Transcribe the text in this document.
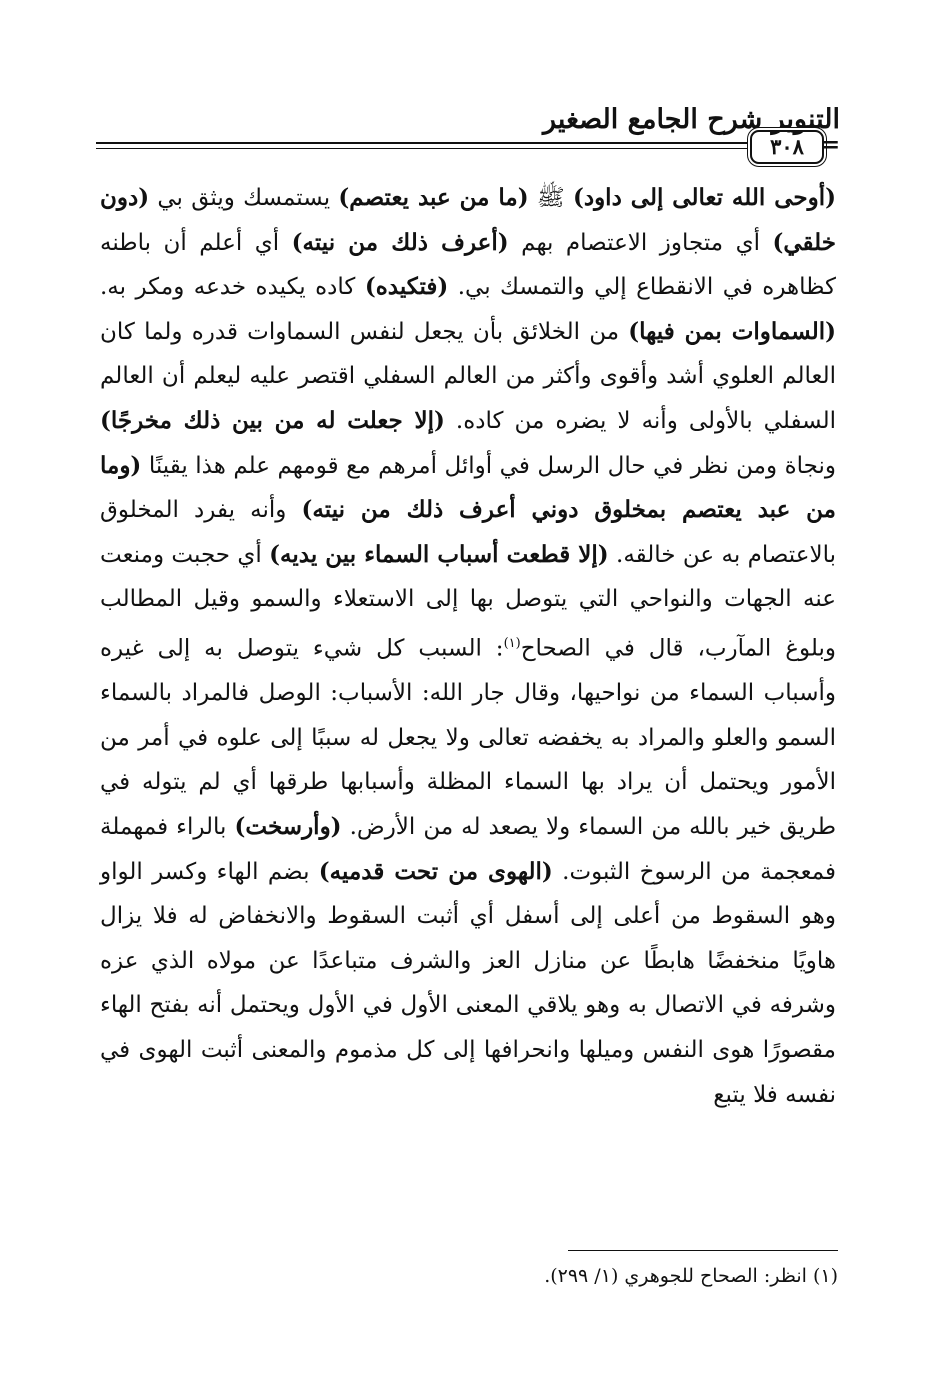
التنوير شرح الجامع الصغير
٣٠٨ =
(أوحى الله تعالى إلى داود) ﷺ (ما من عبد يعتصم) يستمسك ويثق بي (دون خلقي) أي متجاوز الاعتصام بهم (أعرف ذلك من نيته) أي أعلم أن باطنه كظاهره في الانقطاع إلي والتمسك بي. (فتكيده) كاده يكيده خدعه ومكر به. (السماوات بمن فيها) من الخلائق بأن يجعل لنفس السماوات قدره ولما كان العالم العلوي أشد وأقوى وأكثر من العالم السفلي اقتصر عليه ليعلم أن العالم السفلي بالأولى وأنه لا يضره من كاده. (إلا جعلت له من بين ذلك مخرجًا) ونجاة ومن نظر في حال الرسل في أوائل أمرهم مع قومهم علم هذا يقينًا (وما من عبد يعتصم بمخلوق دوني أعرف ذلك من نيته) وأنه يفرد المخلوق بالاعتصام به عن خالقه. (إلا قطعت أسباب السماء بين يديه) أي حجبت ومنعت عنه الجهات والنواحي التي يتوصل بها إلى الاستعلاء والسمو وقيل المطالب وبلوغ المآرب، قال في الصحاح$^{(١)}$: السبب كل شيء يتوصل به إلى غيره وأسباب السماء من نواحيها، وقال جار الله: الأسباب: الوصل فالمراد بالسماء السمو والعلو والمراد به يخفضه تعالى ولا يجعل له سببًا إلى علوه في أمر من الأمور ويحتمل أن يراد بها السماء المظلة وأسبابها طرقها أي لم يتوله في طريق خير بالله من السماء ولا يصعد له من الأرض. (وأرسخت) بالراء فمهملة فمعجمة من الرسوخ الثبوت. (الهوى من تحت قدميه) بضم الهاء وكسر الواو وهو السقوط من أعلى إلى أسفل أي أثبت السقوط والانخفاض له فلا يزال هاويًا منخفضًا هابطًا عن منازل العز والشرف متباعدًا عن مولاه الذي عزه وشرفه في الاتصال به وهو يلاقي المعنى الأول في الأول ويحتمل أنه بفتح الهاء مقصورًا هوى النفس وميلها وانحرافها إلى كل مذموم والمعنى أثبت الهوى في نفسه فلا يتبع
(١) انظر: الصحاح للجوهري (١/ ٢٩٩).
